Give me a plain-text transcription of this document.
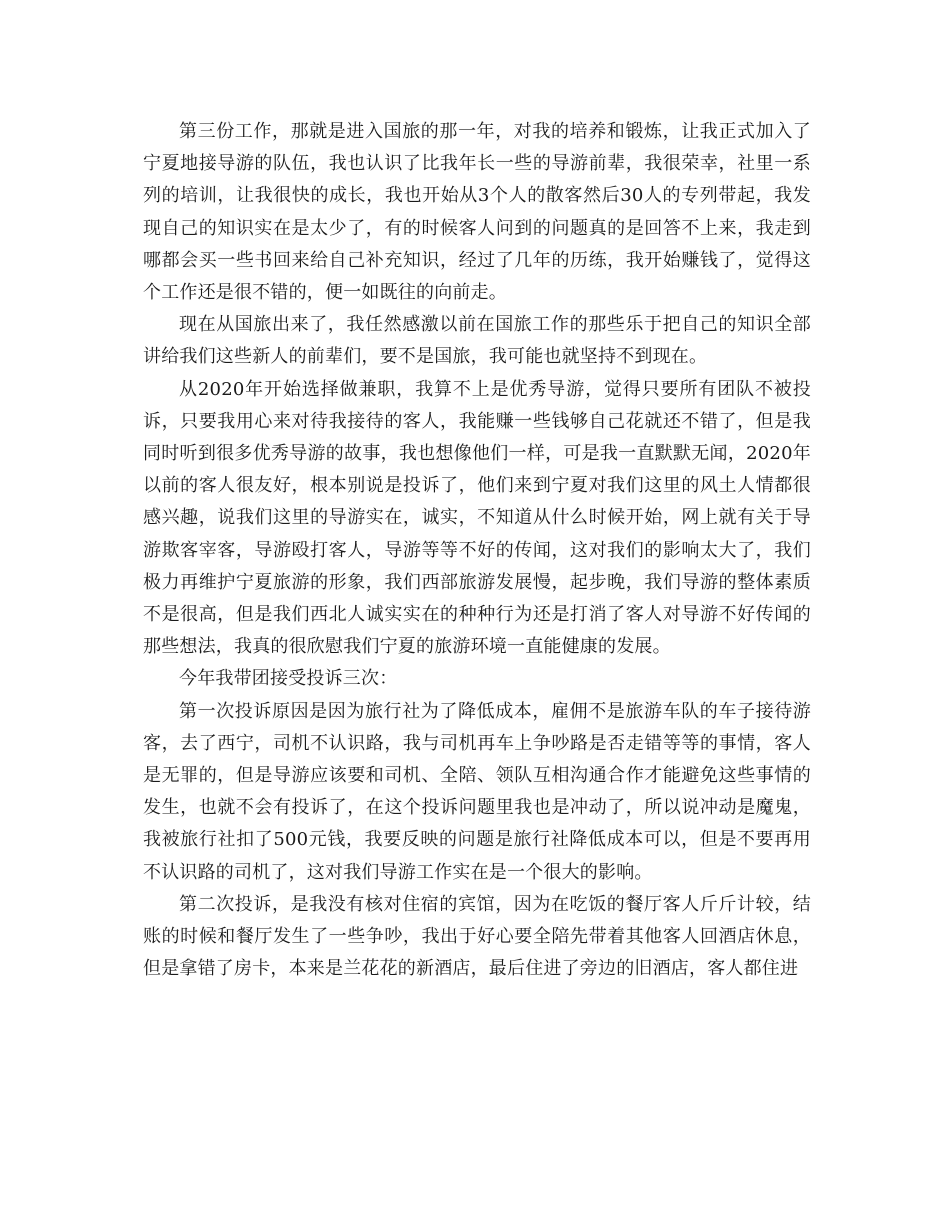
第三份工作，那就是进入国旅的那一年，对我的培养和锻炼，让我正式加入了宁夏地接导游的队伍，我也认识了比我年长一些的导游前辈，我很荣幸，社里一系列的培训，让我很快的成长，我也开始从3个人的散客然后30人的专列带起，我发现自己的知识实在是太少了，有的时候客人问到的问题真的是回答不上来，我走到哪都会买一些书回来给自己补充知识，经过了几年的历练，我开始赚钱了，觉得这个工作还是很不错的，便一如既往的向前走。

现在从国旅出来了，我任然感激以前在国旅工作的那些乐于把自己的知识全部讲给我们这些新人的前辈们，要不是国旅，我可能也就坚持不到现在。

从2020年开始选择做兼职，我算不上是优秀导游，觉得只要所有团队不被投诉，只要我用心来对待我接待的客人，我能赚一些钱够自己花就还不错了，但是我同时听到很多优秀导游的故事，我也想像他们一样，可是我一直默默无闻，2020年以前的客人很友好，根本别说是投诉了，他们来到宁夏对我们这里的风土人情都很感兴趣，说我们这里的导游实在，诚实，不知道从什么时候开始，网上就有关于导游欺客宰客，导游殴打客人，导游等等不好的传闻，这对我们的影响太大了，我们极力再维护宁夏旅游的形象，我们西部旅游发展慢，起步晚，我们导游的整体素质不是很高，但是我们西北人诚实实在的种种行为还是打消了客人对导游不好传闻的那些想法，我真的很欣慰我们宁夏的旅游环境一直能健康的发展。

今年我带团接受投诉三次：

第一次投诉原因是因为旅行社为了降低成本，雇佣不是旅游车队的车子接待游客，去了西宁，司机不认识路，我与司机再车上争吵路是否走错等等的事情，客人是无罪的，但是导游应该要和司机、全陪、领队互相沟通合作才能避免这些事情的发生，也就不会有投诉了，在这个投诉问题里我也是冲动了，所以说冲动是魔鬼，我被旅行社扣了500元钱，我要反映的问题是旅行社降低成本可以，但是不要再用不认识路的司机了，这对我们导游工作实在是一个很大的影响。

第二次投诉，是我没有核对住宿的宾馆，因为在吃饭的餐厅客人斤斤计较，结账的时候和餐厅发生了一些争吵，我出于好心要全陪先带着其他客人回酒店休息，但是拿错了房卡，本来是兰花花的新酒店，最后住进了旁边的旧酒店，客人都住进
